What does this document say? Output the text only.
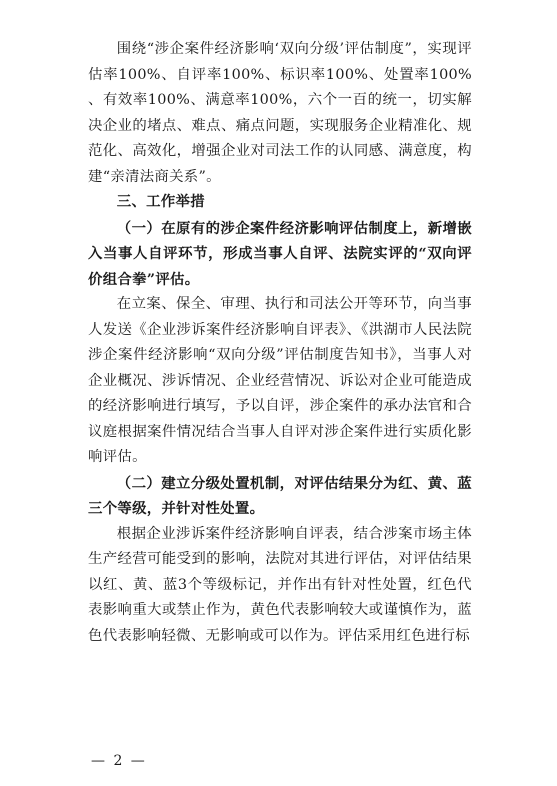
围绕“涉企案件经济影响‘双向分级’评估制度”，实现评估率100%、自评率100%、标识率100%、处置率100%、有效率100%、满意率100%，六个一百的统一，切实解决企业的堵点、难点、痛点问题，实现服务企业精准化、规范化、高效化，增强企业对司法工作的认同感、满意度，构建“亲清法商关系”。

三、工作举措

（一）在原有的涉企案件经济影响评估制度上，新增嵌入当事人自评环节，形成当事人自评、法院实评的“双向评价组合拳”评估。

在立案、保全、审理、执行和司法公开等环节，向当事人发送《企业涉诉案件经济影响自评表》、《洪湖市人民法院涉企案件经济影响“双向分级”评估制度告知书》，当事人对企业概况、涉诉情况、企业经营情况、诉讼对企业可能造成的经济影响进行填写，予以自评，涉企案件的承办法官和合议庭根据案件情况结合当事人自评对涉企案件进行实质化影响评估。

（二）建立分级处置机制，对评估结果分为红、黄、蓝三个等级，并针对性处置。

根据企业涉诉案件经济影响自评表，结合涉案市场主体生产经营可能受到的影响，法院对其进行评估，对评估结果以红、黄、蓝3个等级标记，并作出有针对性处置，红色代表影响重大或禁止作为，黄色代表影响较大或谨慎作为，蓝色代表影响轻微、无影响或可以作为。评估采用红色进行标

— 2 —
